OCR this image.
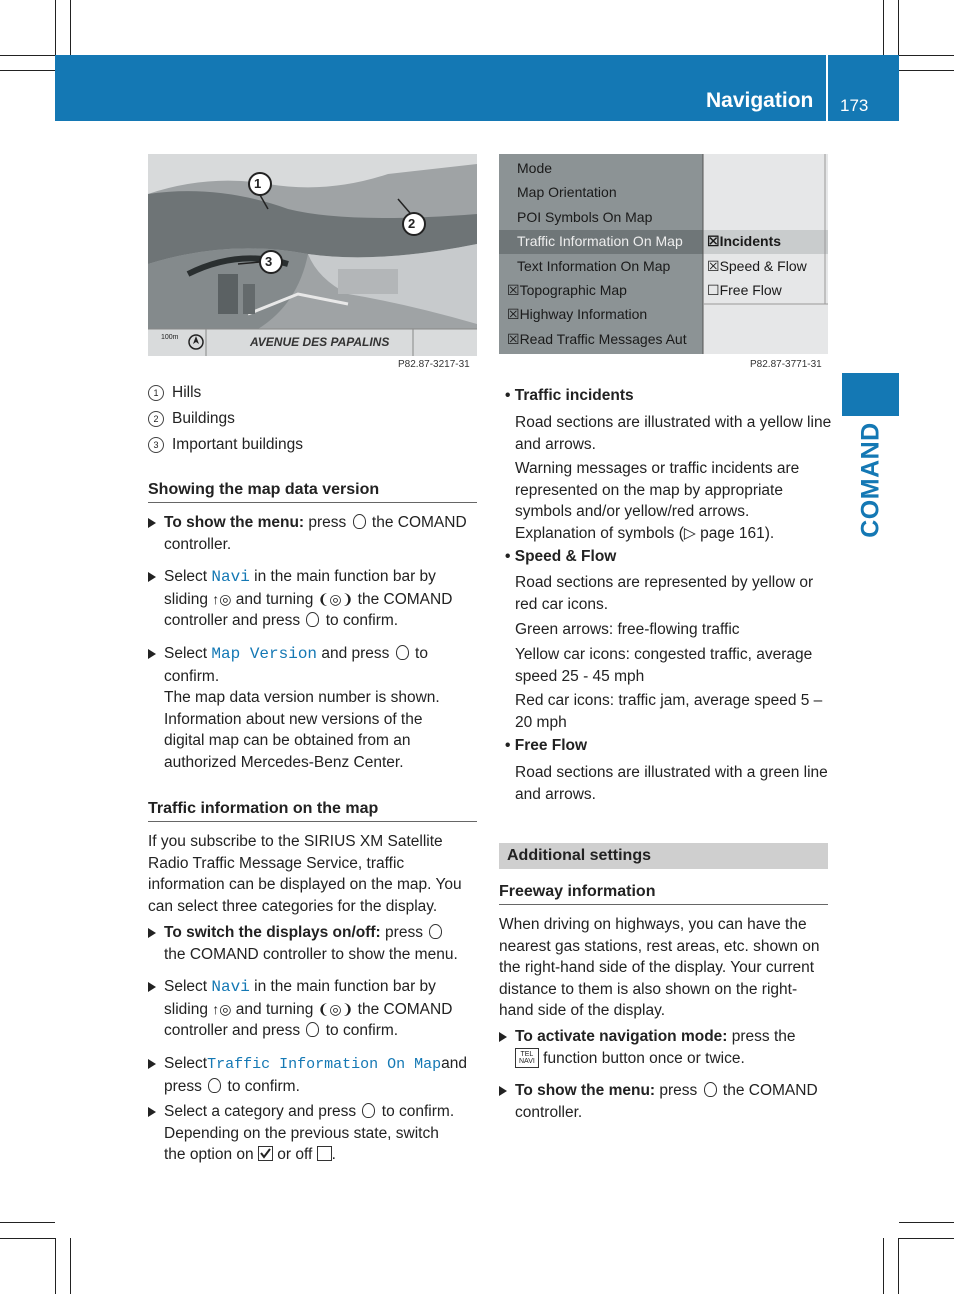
Navigation 173
COMAND
1
2
3
100m	AVENUE DES PAPALINS
P82.87-3217-31
Mode
Map Orientation
POI Symbols On Map
Traffic Information On Map
Text Information On Map
☒Topographic Map
☒Highway Information
☒Read Traffic Messages Aut
☒Incidents
☒Speed & Flow
☐Free Flow
P82.87-3771-31
1 Hills
2 Buildings
3 Important buildings
Showing the map data version
To show the menu: press the COMAND
controller.
Select Navi in the main function bar by
sliding ↑◎ and turning ❨◎❩ the COMAND
controller and press to confirm.
Select Map Version and press to
confirm.
The map data version number is shown. Information about new versions of the digital map can be obtained from an authorized Mercedes-Benz Center.
Traffic information on the map
If you subscribe to the SIRIUS XM Satellite Radio Traffic Message Service, traffic information can be displayed on the map. You can select three categories for the display.
To switch the displays on/off: press
the COMAND controller to show the menu.
Select Navi in the main function bar by
sliding ↑◎ and turning ❨◎❩ the COMAND
controller and press to confirm.
SelectTraffic Information On Mapand
press to confirm.
Select a category and press to confirm.
Depending on the previous state, switch
the option on or off .
• Traffic incidents
Road sections are illustrated with a yellow line and arrows.
Warning messages or traffic incidents are represented on the map by appropriate symbols and/or yellow/red arrows. Explanation of symbols (▷ page 161).
• Speed & Flow
Road sections are represented by yellow or red car icons.
Green arrows: free-flowing traffic
Yellow car icons: congested traffic, average speed 25 - 45 mph
Red car icons: traffic jam, average speed 5 – 20 mph
• Free Flow
Road sections are illustrated with a green line and arrows.
Additional settings
Freeway information
When driving on highways, you can have the nearest gas stations, rest areas, etc. shown on the right-hand side of the display. Your current distance to them is also shown on the right-hand side of the display.
To activate navigation mode: press the
TEL
NAVI function button once or twice.
To show the menu: press the COMAND
controller.
